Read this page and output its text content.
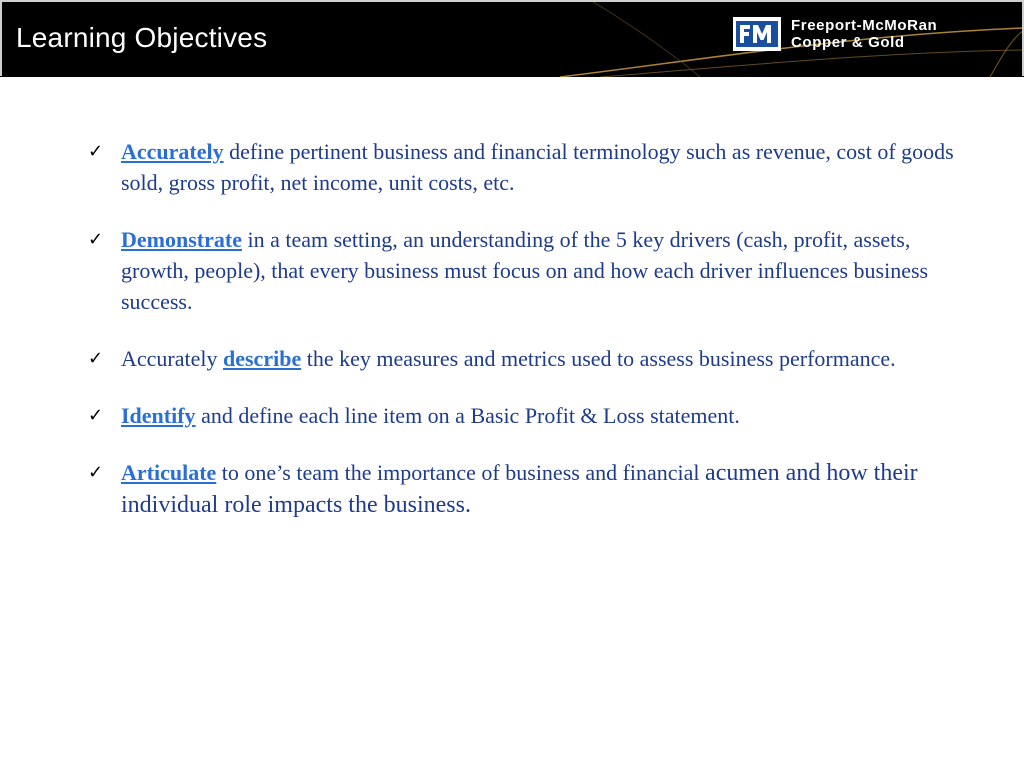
Learning Objectives	Freeport-McMoRan
Copper & Gold
✓ Accurately define pertinent business and financial terminology such as revenue, cost of goods sold, gross profit, net income, unit costs, etc.
✓ Demonstrate in a team setting, an understanding of the 5 key drivers (cash, profit, assets, growth, people), that every business must focus on and how each driver influences business success.
✓ Accurately describe the key measures and metrics used to assess business performance.
✓ Identify and define each line item on a Basic Profit & Loss statement.
✓ Articulate to one’s team the importance of business and financial acumen and how their individual role impacts the business.
